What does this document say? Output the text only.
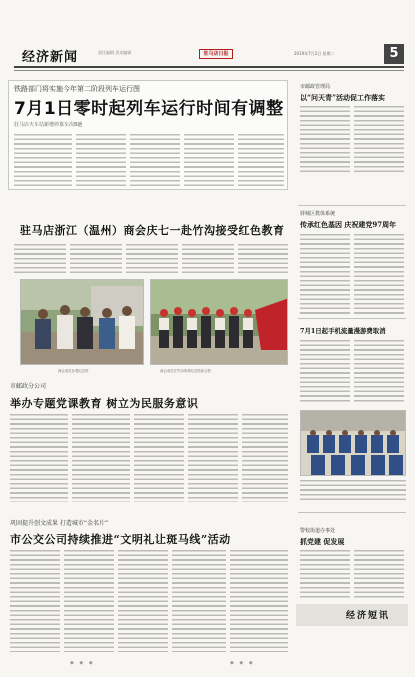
经济新闻	责任编辑 美术编辑	驻马店日报	2019年7月2日 星期二	5
铁路部门将实施今年第二阶段列车运行图
7月1日零时起列车运行时间有调整
驻马店火车站新增停靠车次8趟
驻马店浙江（温州）商会庆七一赴竹沟接受红色教育
商会成员参观纪念馆	商会成员在竹沟革命纪念馆前合影
市邮政分公司
举办专题党课教育 树立为民服务意识
巩固提升创文成果 打造城市“金名片”
市公交公司持续推进“文明礼让斑马线”活动
市邮政管理局
以“问天青”活动促工作落实
驿城区教体系统
传承红色基因 庆祝建党97周年
7月1日起手机流量漫游费取消
警校街道办事处
抓党建 促发展
经济短讯
◆ ◆ ◆	◆ ◆ ◆
